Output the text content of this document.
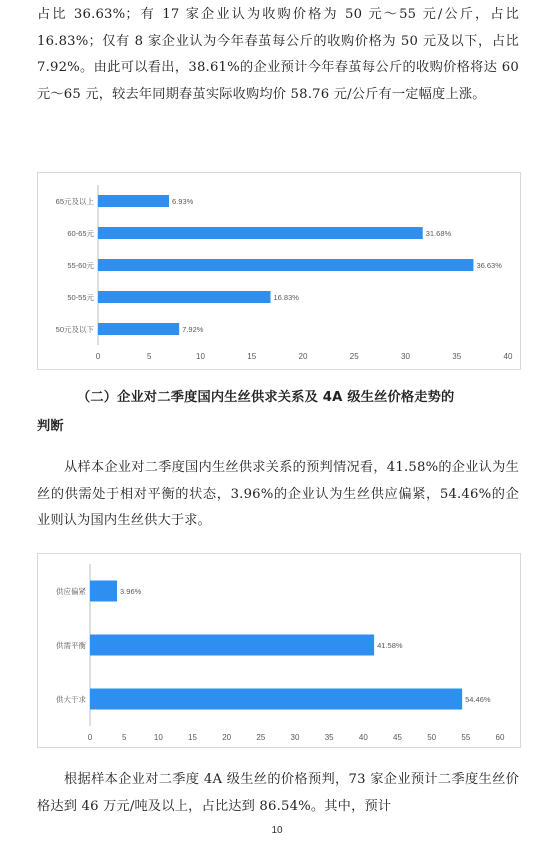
占比 36.63%；有 17 家企业认为收购价格为 50 元～55 元/公斤，占比 16.83%；仅有 8 家企业认为今年春茧每公斤的收购价格为 50 元及以下，占比 7.92%。由此可以看出，38.61%的企业预计今年春茧每公斤的收购价格将达 60 元～65 元，较去年同期春茧实际收购均价 58.76 元/公斤有一定幅度上涨。

0	5	10	15	20	25	30	35	40
65元及以上	6.93%
60-65元	31.68%
55-60元	36.63%
50-55元	16.83%
50元及以下	7.92%

（二）企业对二季度国内生丝供求关系及 4A 级生丝价格走势的
判断

从样本企业对二季度国内生丝供求关系的预判情况看，41.58%的企业认为生丝的供需处于相对平衡的状态，3.96%的企业认为生丝供应偏紧，54.46%的企业则认为国内生丝供大于求。

0	5	10	15	20	25	30	35	40	45	50	55	60
供应偏紧	3.96%
供需平衡	41.58%
供大于求	54.46%

根据样本企业对二季度 4A 级生丝的价格预判，73 家企业预计二季度生丝价格达到 46 万元/吨及以上，占比达到 86.54%。其中，预计

10
